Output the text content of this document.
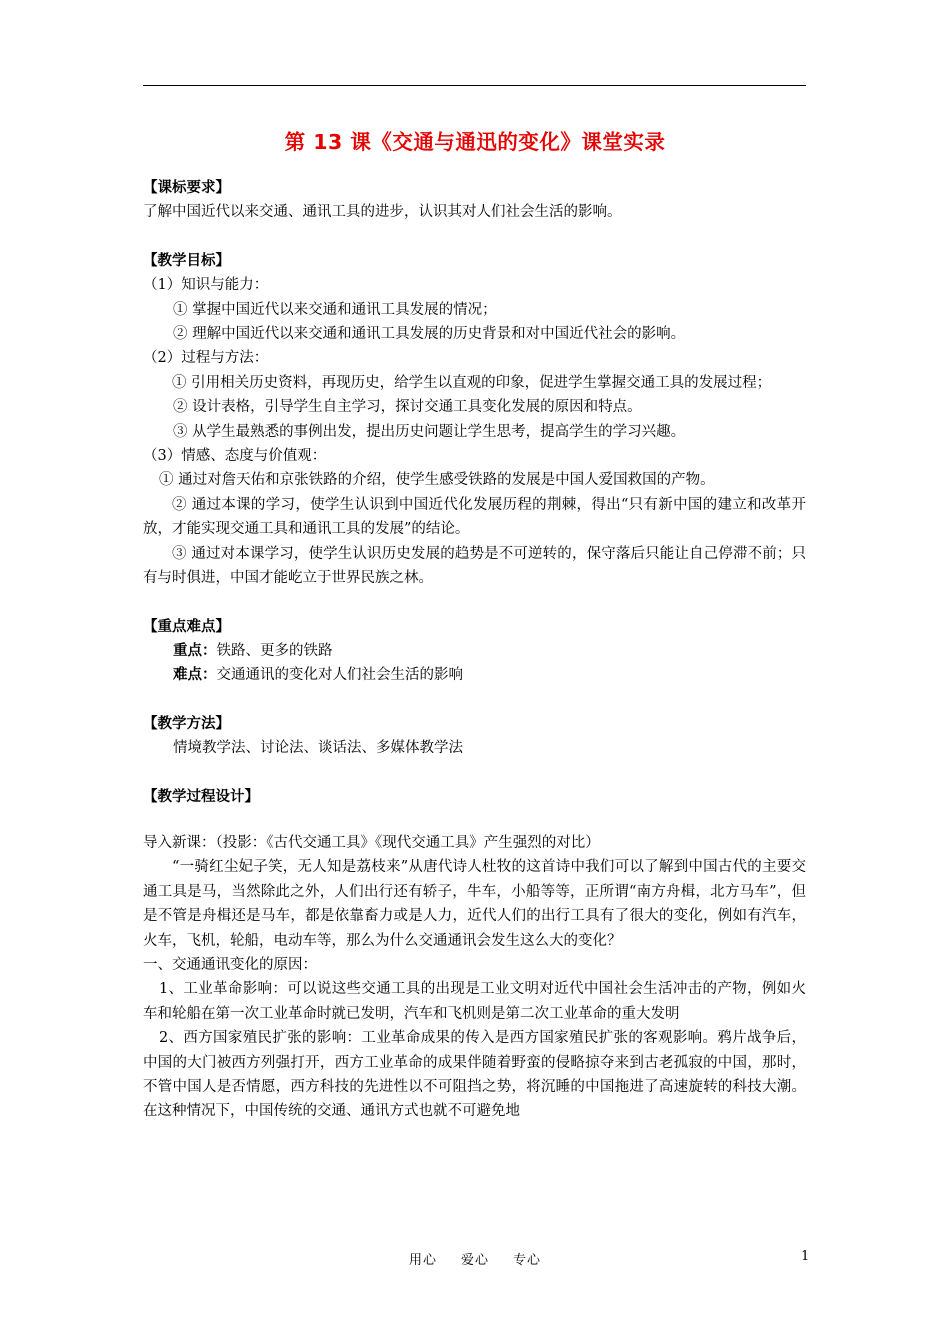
第 13 课《交通与通迅的变化》课堂实录

【课标要求】

了解中国近代以来交通、通讯工具的进步，认识其对人们社会生活的影响。

【教学目标】

（1）知识与能力：

① 掌握中国近代以来交通和通讯工具发展的情况；

② 理解中国近代以来交通和通讯工具发展的历史背景和对中国近代社会的影响。

（2）过程与方法：

① 引用相关历史资料，再现历史，给学生以直观的印象，促进学生掌握交通工具的发展过程；

② 设计表格，引导学生自主学习，探讨交通工具变化发展的原因和特点。

③ 从学生最熟悉的事例出发，提出历史问题让学生思考，提高学生的学习兴趣。

（3）情感、态度与价值观：

① 通过对詹天佑和京张铁路的介绍，使学生感受铁路的发展是中国人爱国救国的产物。

② 通过本课的学习，使学生认识到中国近代化发展历程的荆棘，得出“只有新中国的建立和改革开放，才能实现交通工具和通讯工具的发展”的结论。

③ 通过对本课学习，使学生认识历史发展的趋势是不可逆转的，保守落后只能让自己停滞不前；只有与时俱进，中国才能屹立于世界民族之林。

【重点难点】

重点：铁路、更多的铁路

难点：交通通讯的变化对人们社会生活的影响

【教学方法】

情境教学法、讨论法、谈话法、多媒体教学法

【教学过程设计】

导入新课：（投影：《古代交通工具》《现代交通工具》产生强烈的对比）

“一骑红尘妃子笑，无人知是荔枝来”从唐代诗人杜牧的这首诗中我们可以了解到中国古代的主要交通工具是马，当然除此之外，人们出行还有轿子，牛车，小船等等，正所谓“南方舟楫，北方马车”，但是不管是舟楫还是马车，都是依靠畜力或是人力，近代人们的出行工具有了很大的变化，例如有汽车，火车，飞机，轮船，电动车等，那么为什么交通通讯会发生这么大的变化？

一、交通通讯变化的原因：

1、工业革命影响：可以说这些交通工具的出现是工业文明对近代中国社会生活冲击的产物，例如火车和轮船在第一次工业革命时就已发明，汽车和飞机则是第二次工业革命的重大发明

2、西方国家殖民扩张的影响：工业革命成果的传入是西方国家殖民扩张的客观影响。鸦片战争后，中国的大门被西方列强打开，西方工业革命的成果伴随着野蛮的侵略掠夺来到古老孤寂的中国，那时，不管中国人是否情愿，西方科技的先进性以不可阻挡之势，将沉睡的中国拖进了高速旋转的科技大潮。在这种情况下，中国传统的交通、通讯方式也就不可避免地

用心 爱心 专心	1
